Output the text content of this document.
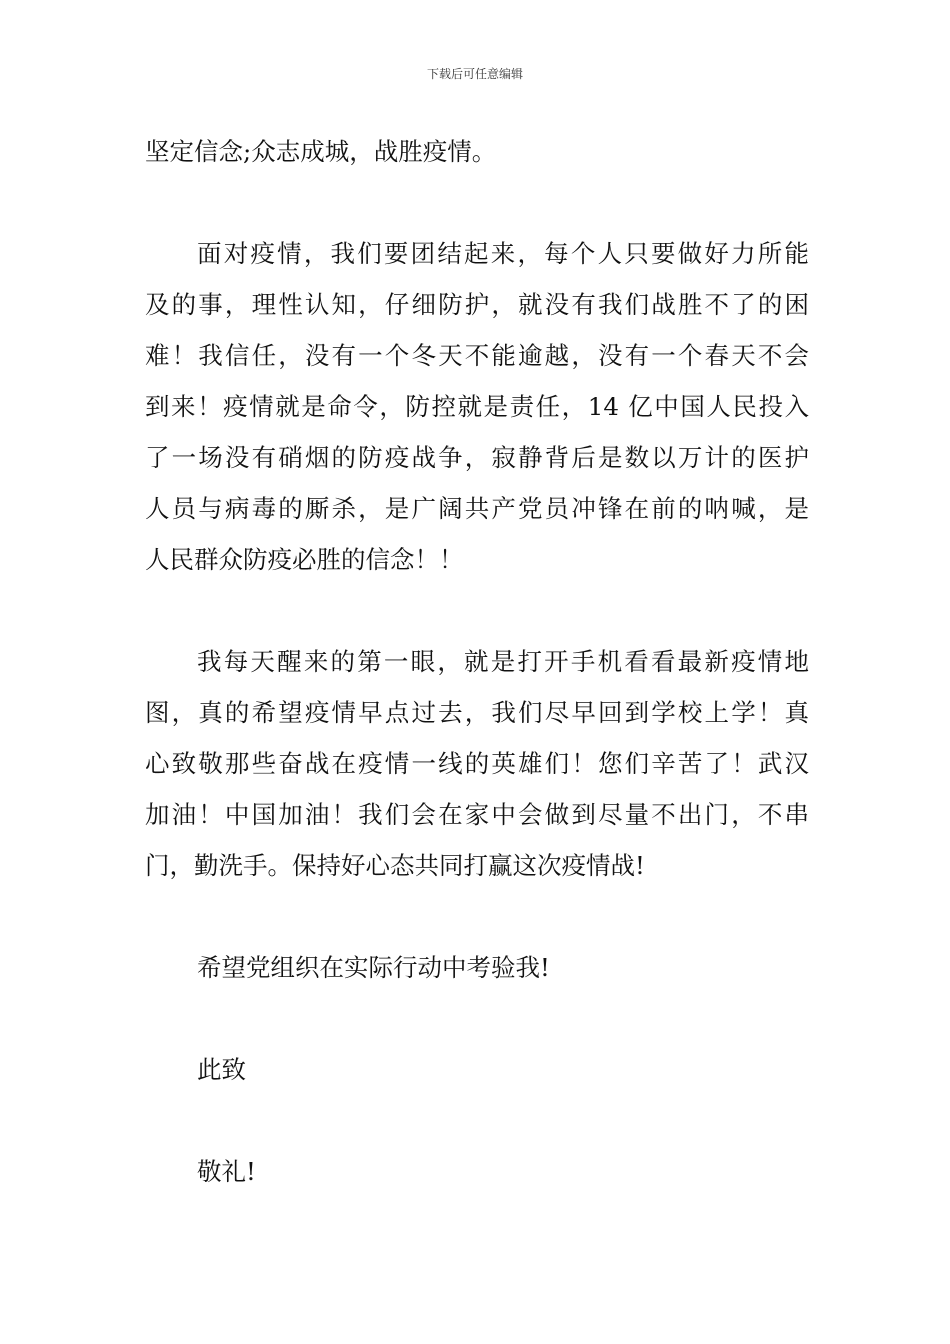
下载后可任意编辑
坚定信念;众志成城，战胜疫情。
面对疫情，我们要团结起来，每个人只要做好力所能
及的事，理性认知，仔细防护，就没有我们战胜不了的困
难！我信任，没有一个冬天不能逾越，没有一个春天不会
到来！疫情就是命令，防控就是责任，14 亿中国人民投入
了一场没有硝烟的防疫战争，寂静背后是数以万计的医护
人员与病毒的厮杀，是广阔共产党员冲锋在前的呐喊，是
人民群众防疫必胜的信念！！
我每天醒来的第一眼，就是打开手机看看最新疫情地
图，真的希望疫情早点过去，我们尽早回到学校上学！真
心致敬那些奋战在疫情一线的英雄们！您们辛苦了！武汉
加油！中国加油！我们会在家中会做到尽量不出门，不串
门，勤洗手。保持好心态共同打赢这次疫情战!
希望党组织在实际行动中考验我!
此致
敬礼!
